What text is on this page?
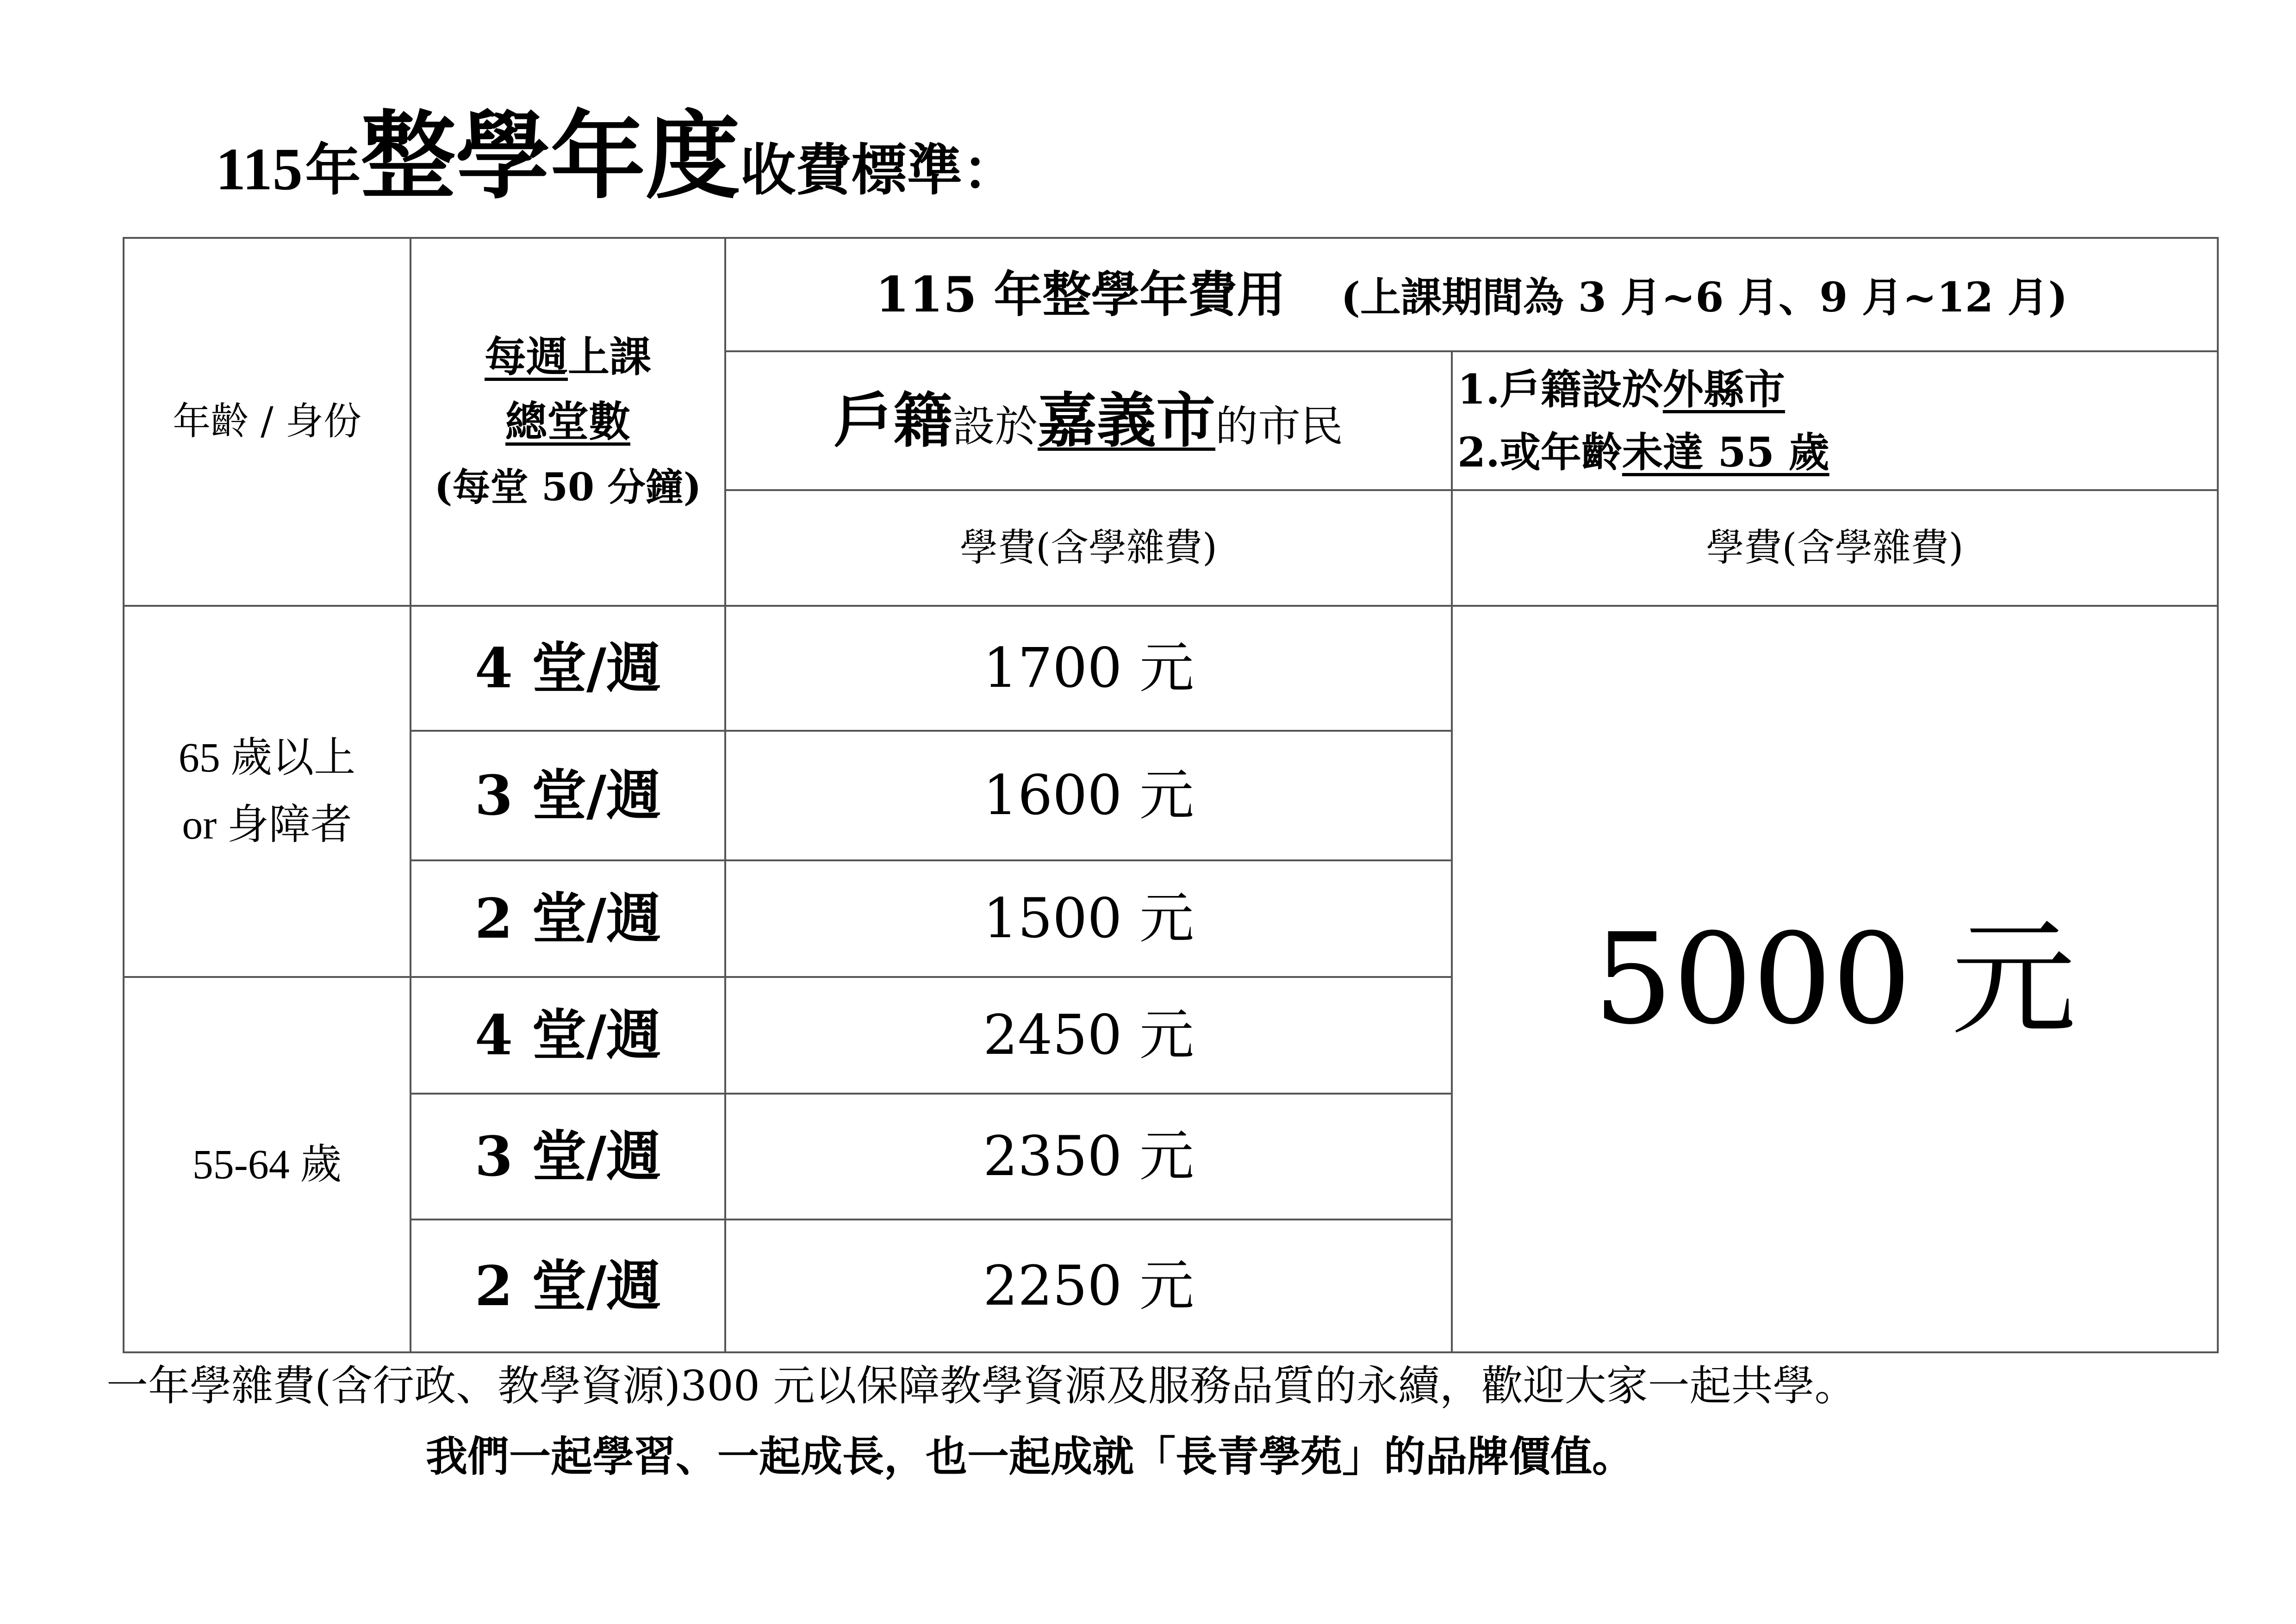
115 年整學年度收費標準：
年齡 / 身份	每週上課
總堂數
(每堂 50 分鐘)	115 年整學年費用 (上課期間為 3 月~6 月、9 月~12 月)	
		戶籍設於嘉義市的市民	1.戶籍設於外縣市
2.或年齡未達 55 歲
		學費(含學雜費)	學費(含學雜費)
65 歲以上
or 身障者	4 堂/週	1700 元	5000 元
	3 堂/週	1600 元	
	2 堂/週	1500 元	
55-64 歲	4 堂/週	2450 元	
	3 堂/週	2350 元	
	2 堂/週	2250 元	
一年學雜費(含行政、教學資源)300 元以保障教學資源及服務品質的永續，歡迎大家一起共學。
我們一起學習、一起成長，也一起成就「長青學苑」的品牌價值。
